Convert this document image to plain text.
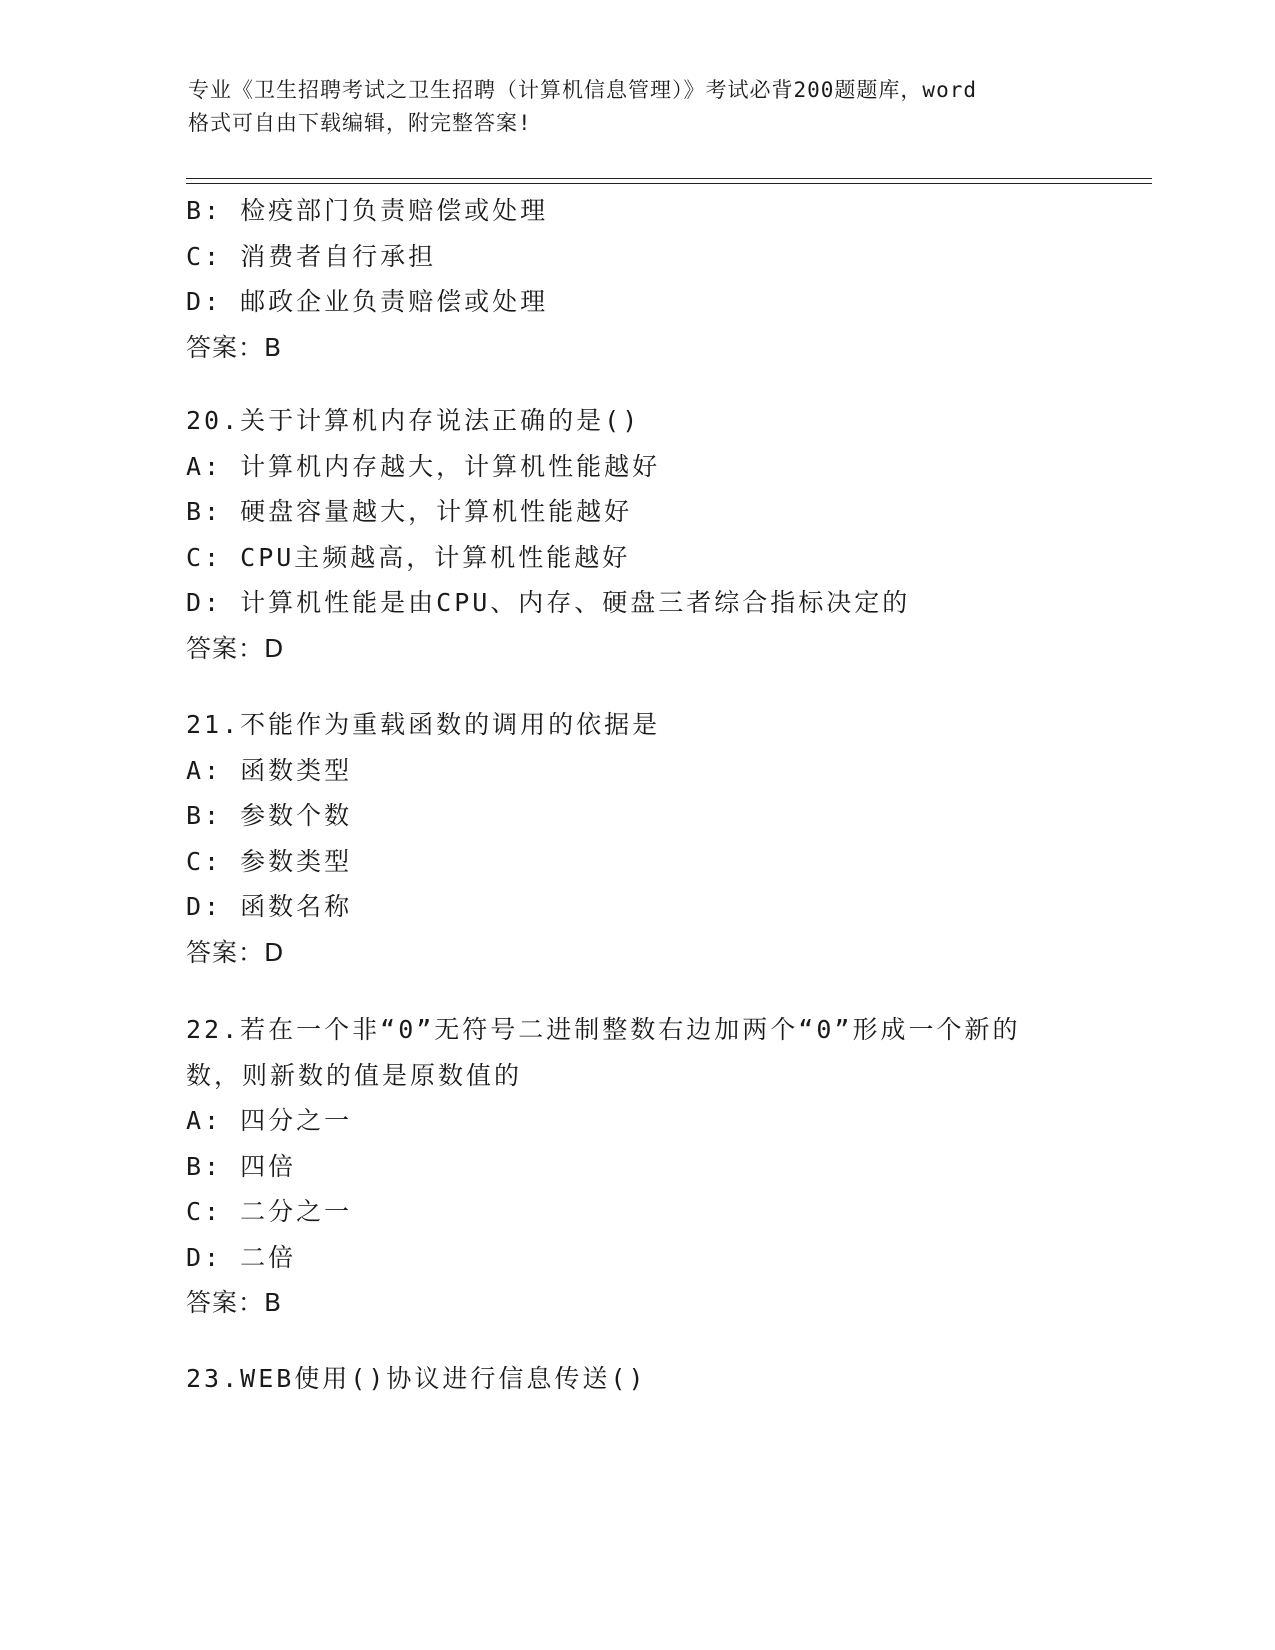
专业《卫生招聘考试之卫生招聘（计算机信息管理）》考试必背200题题库，word
格式可自由下载编辑，附完整答案!
B: 检疫部门负责赔偿或处理
C: 消费者自行承担
D: 邮政企业负责赔偿或处理
答案：B
20.关于计算机内存说法正确的是()
A: 计算机内存越大，计算机性能越好
B: 硬盘容量越大，计算机性能越好
C: CPU主频越高，计算机性能越好
D: 计算机性能是由CPU、内存、硬盘三者综合指标决定的
答案：D
21.不能作为重载函数的调用的依据是
A: 函数类型
B: 参数个数
C: 参数类型
D: 函数名称
答案：D
22.若在一个非“0”无符号二进制整数右边加两个“0”形成一个新的
数，则新数的值是原数值的
A: 四分之一
B: 四倍
C: 二分之一
D: 二倍
答案：B
23.WEB使用()协议进行信息传送()
